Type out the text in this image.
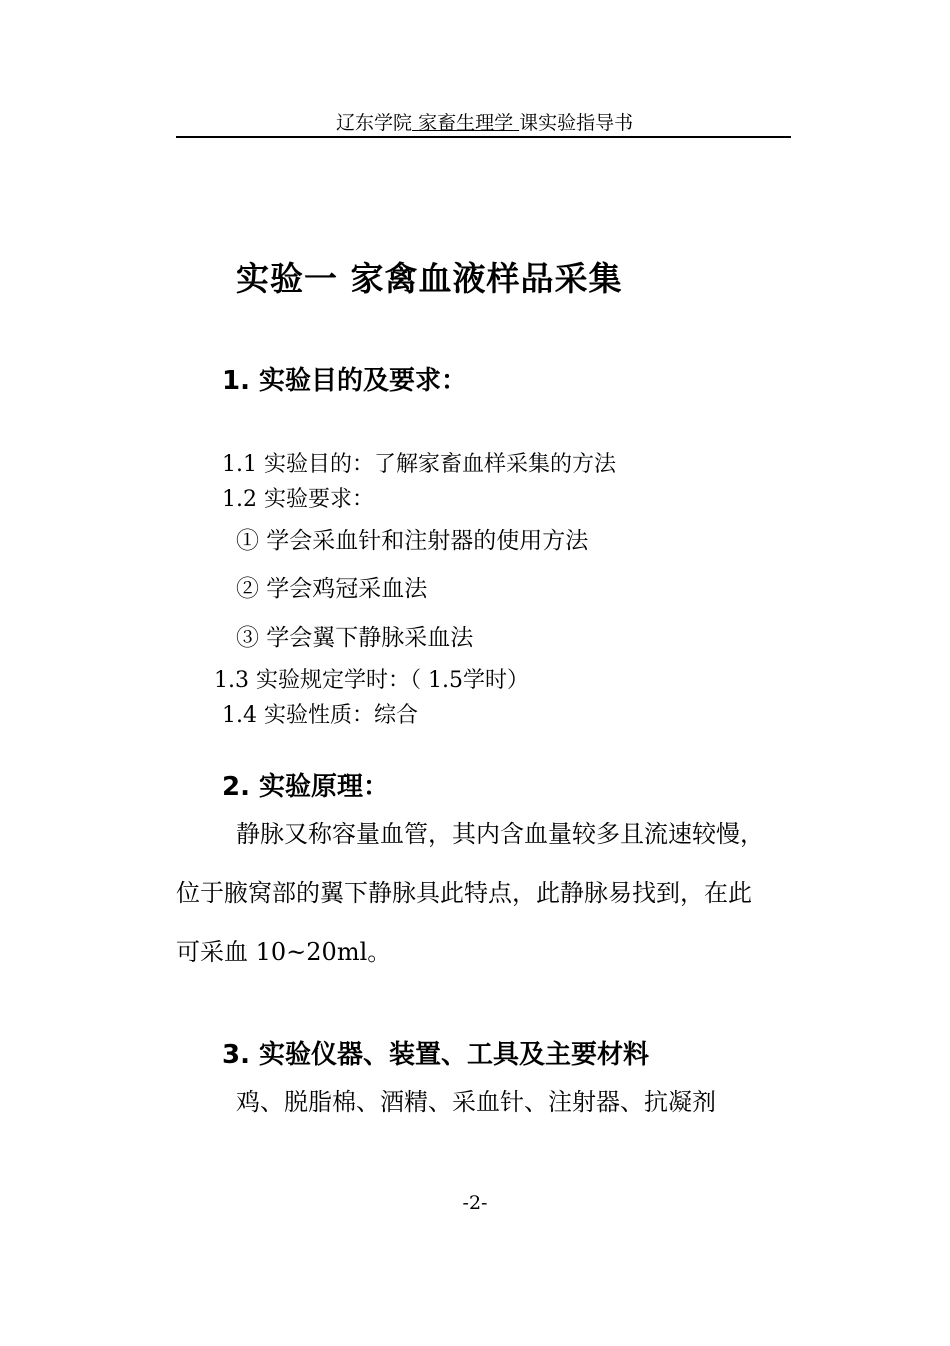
辽东学院 家畜生理学 课实验指导书
实验一 家禽血液样品采集
1. 实验目的及要求：
1.1 实验目的：了解家畜血样采集的方法
1.2 实验要求：
① 学会采血针和注射器的使用方法
② 学会鸡冠采血法
③ 学会翼下静脉采血法
1.3 实验规定学时：（ 1.5学时）
1.4 实验性质：综合
2. 实验原理：
静脉又称容量血管，其内含血量较多且流速较慢，
位于腋窝部的翼下静脉具此特点，此静脉易找到，在此
可采血 10~20ml。
3. 实验仪器、装置、工具及主要材料
鸡、脱脂棉、酒精、采血针、注射器、抗凝剂
-2-
